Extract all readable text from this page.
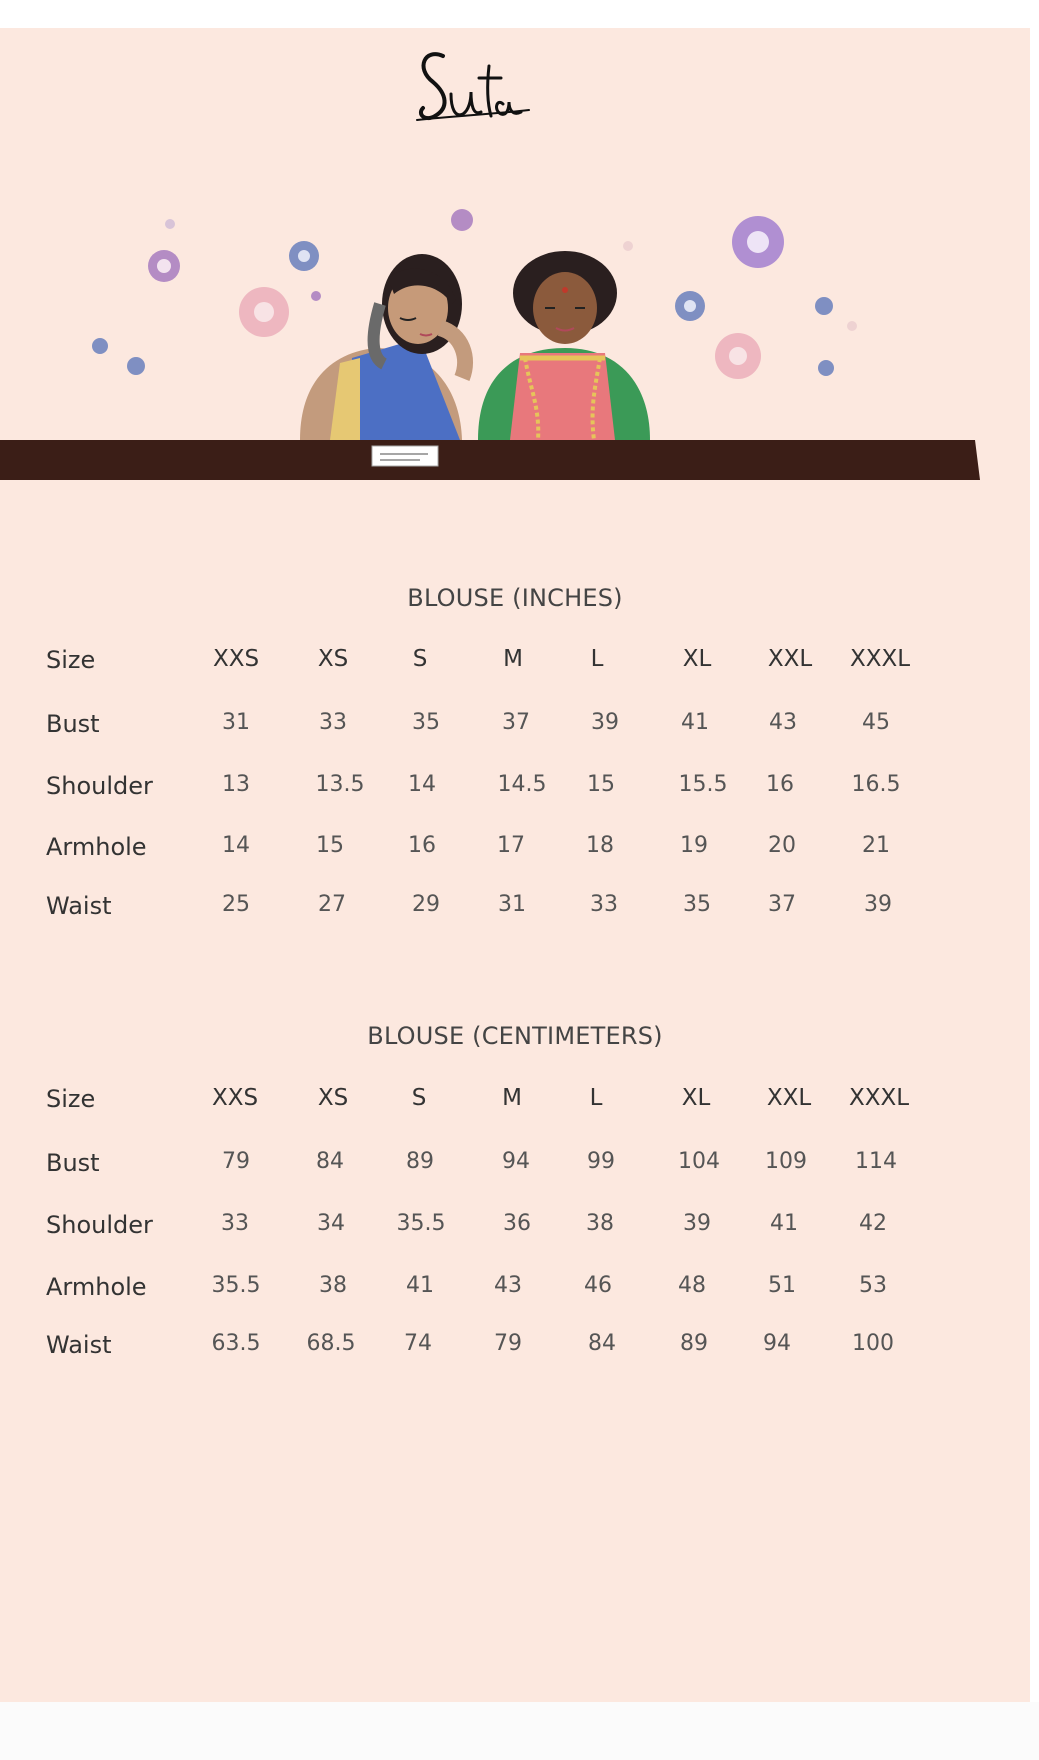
BLOUSE (INCHES)
Size	XXS	XS	S	M	L	XL	XXL	XXXL
Bust	31	33	35	37	39	41	43	45
Shoulder	13	13.5	14	14.5	15	15.5	16	16.5
Armhole	14	15	16	17	18	19	20	21
Waist	25	27	29	31	33	35	37	39
BLOUSE (CENTIMETERS)
Size	XXS	XS	S	M	L	XL	XXL	XXXL
Bust	79	84	89	94	99	104	109	114
Shoulder	33	34	35.5	36	38	39	41	42
Armhole	35.5	38	41	43	46	48	51	53
Waist	63.5	68.5	74	79	84	89	94	100
